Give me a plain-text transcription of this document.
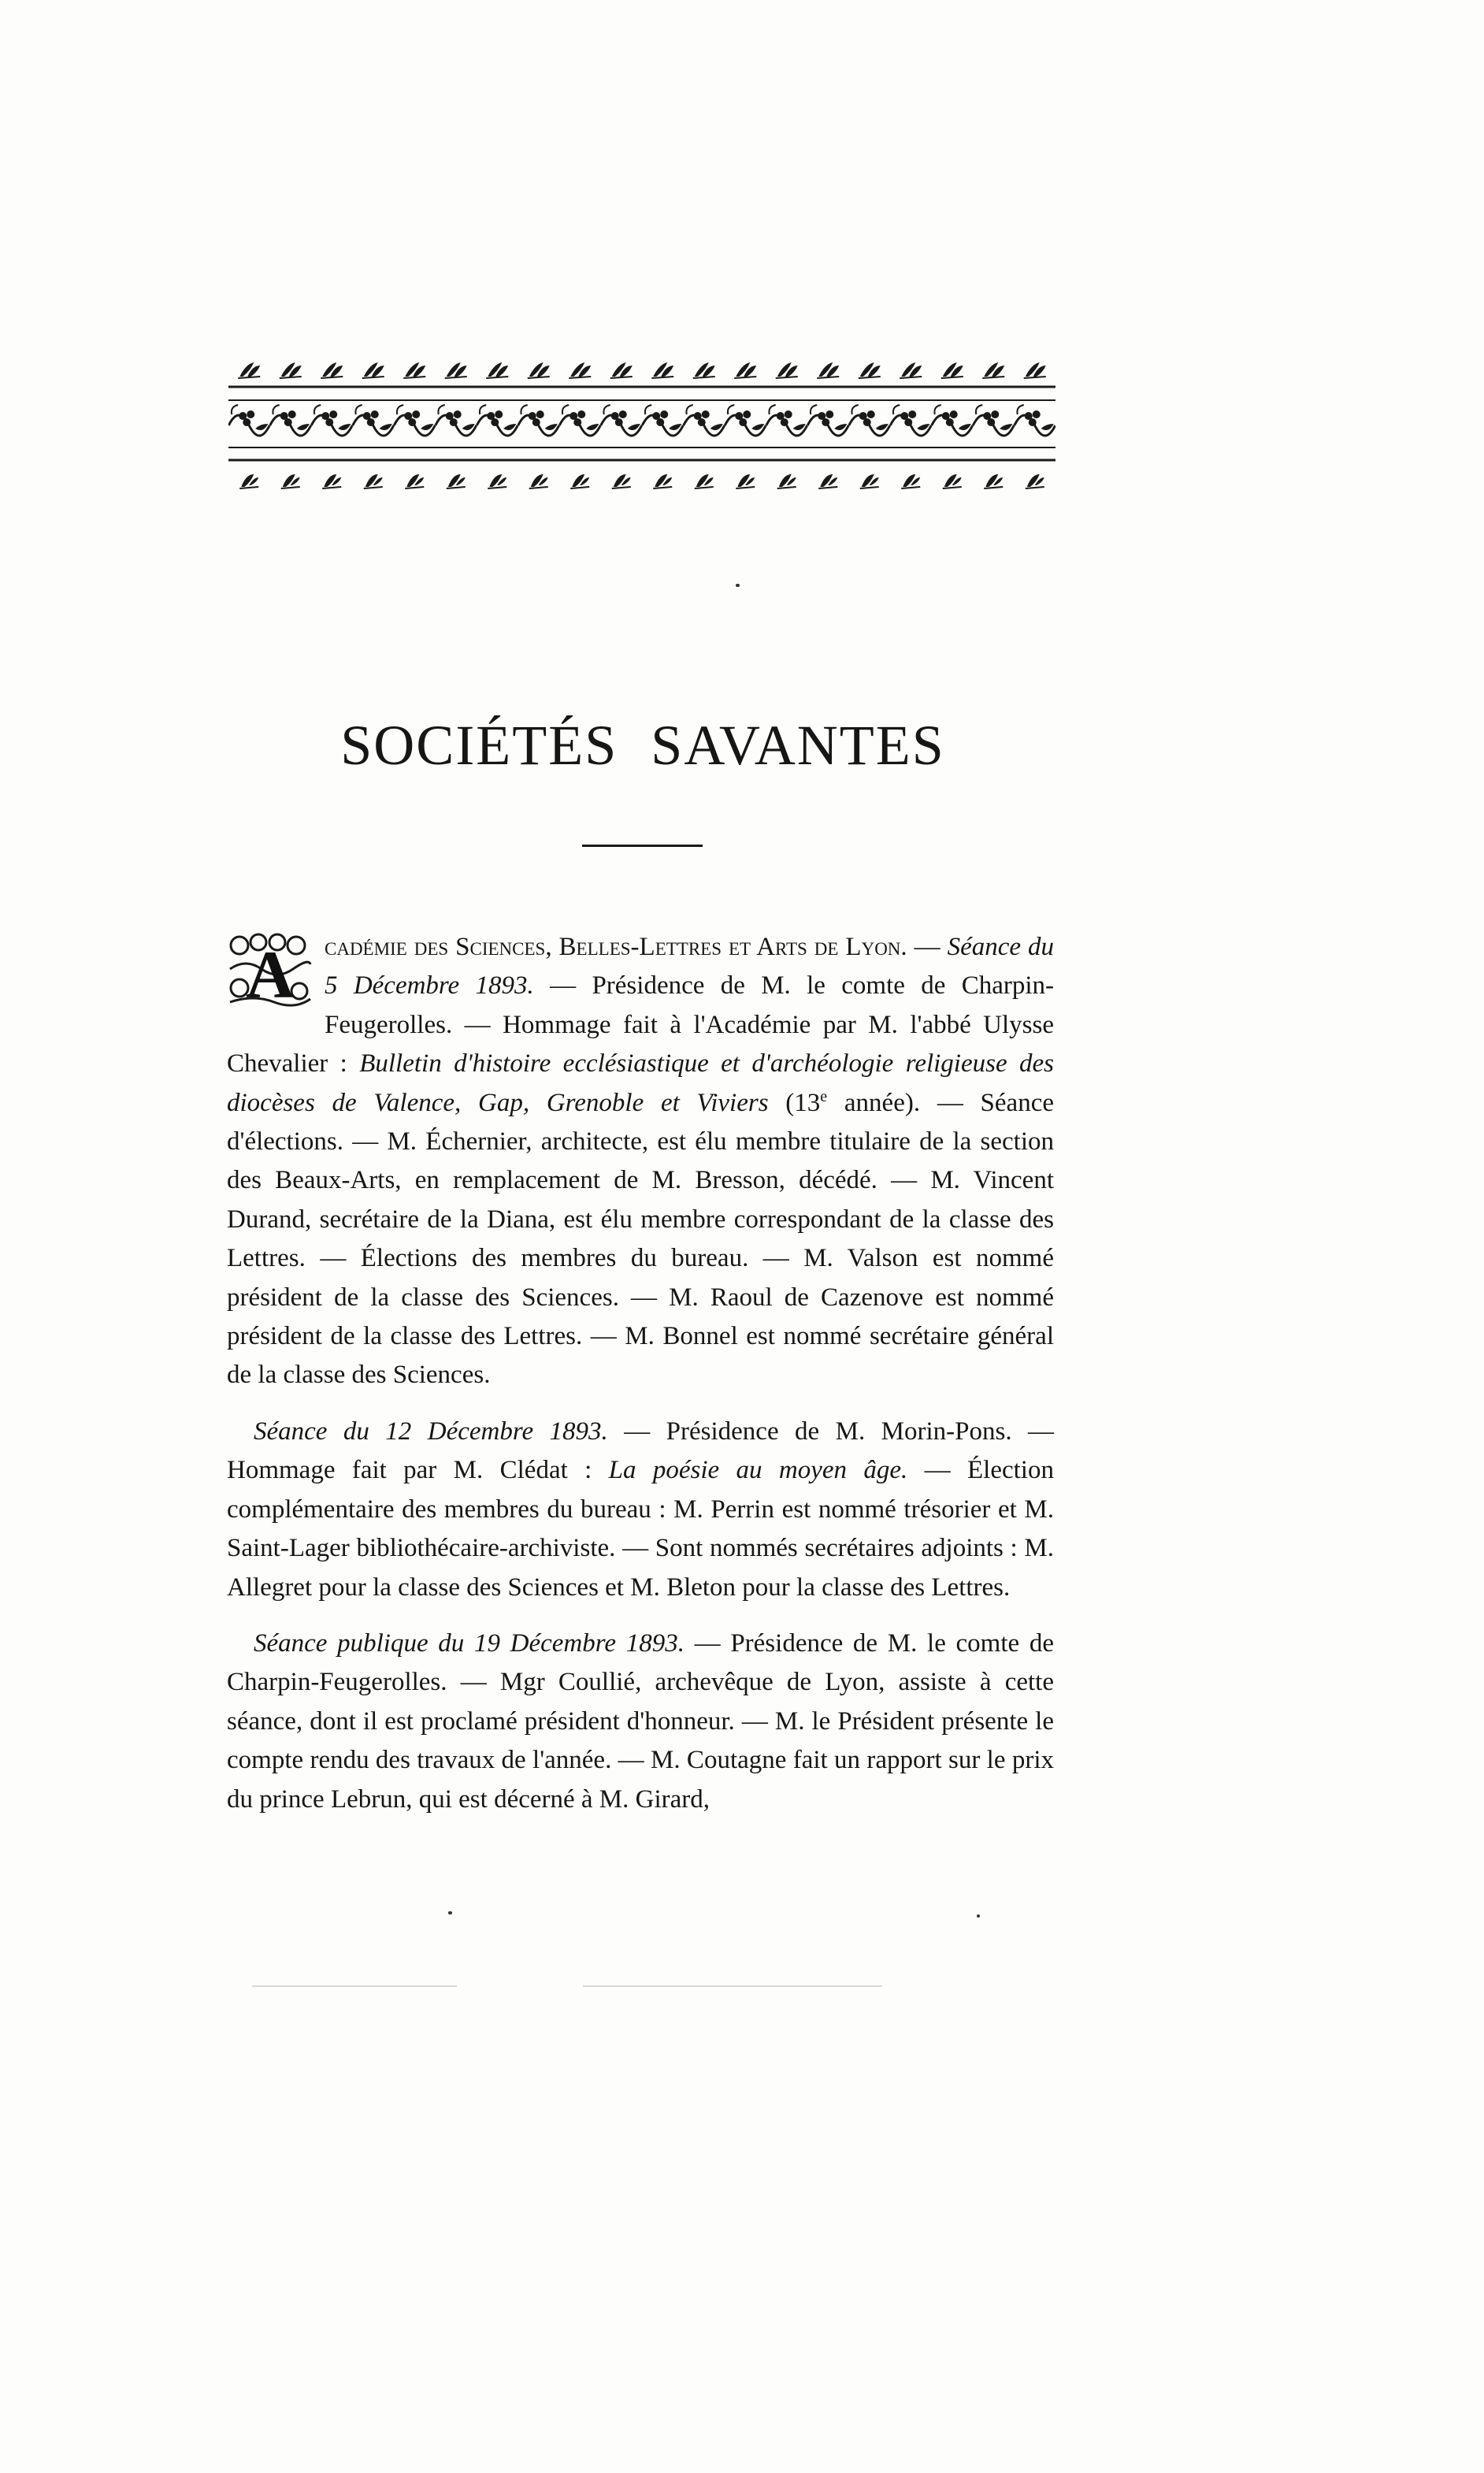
SOCIÉTÉS SAVANTES

A cadémie des Sciences, Belles-Lettres et Arts de Lyon. — Séance du 5 Décembre 1893. — Présidence de M. le comte de Charpin-Feugerolles. — Hommage fait à l'Académie par M. l'abbé Ulysse Chevalier : Bulletin d'histoire ecclésiastique et d'archéologie religieuse des diocèses de Valence, Gap, Grenoble et Viviers (13e année). — Séance d'élections. — M. Échernier, architecte, est élu membre titulaire de la section des Beaux-Arts, en remplacement de M. Bresson, décédé. — M. Vincent Durand, secrétaire de la Diana, est élu membre correspondant de la classe des Lettres. — Élections des membres du bureau. — M. Valson est nommé président de la classe des Sciences. — M. Raoul de Cazenove est nommé président de la classe des Lettres. — M. Bonnel est nommé secrétaire général de la classe des Sciences.

Séance du 12 Décembre 1893. — Présidence de M. Morin-Pons. — Hommage fait par M. Clédat : La poésie au moyen âge. — Élection complémentaire des membres du bureau : M. Perrin est nommé trésorier et M. Saint-Lager bibliothécaire-archiviste. — Sont nommés secrétaires adjoints : M. Allegret pour la classe des Sciences et M. Bleton pour la classe des Lettres.

Séance publique du 19 Décembre 1893. — Présidence de M. le comte de Charpin-Feugerolles. — Mgr Coullié, archevêque de Lyon, assiste à cette séance, dont il est proclamé président d'honneur. — M. le Président présente le compte rendu des travaux de l'année. — M. Coutagne fait un rapport sur le prix du prince Lebrun, qui est décerné à M. Girard,
